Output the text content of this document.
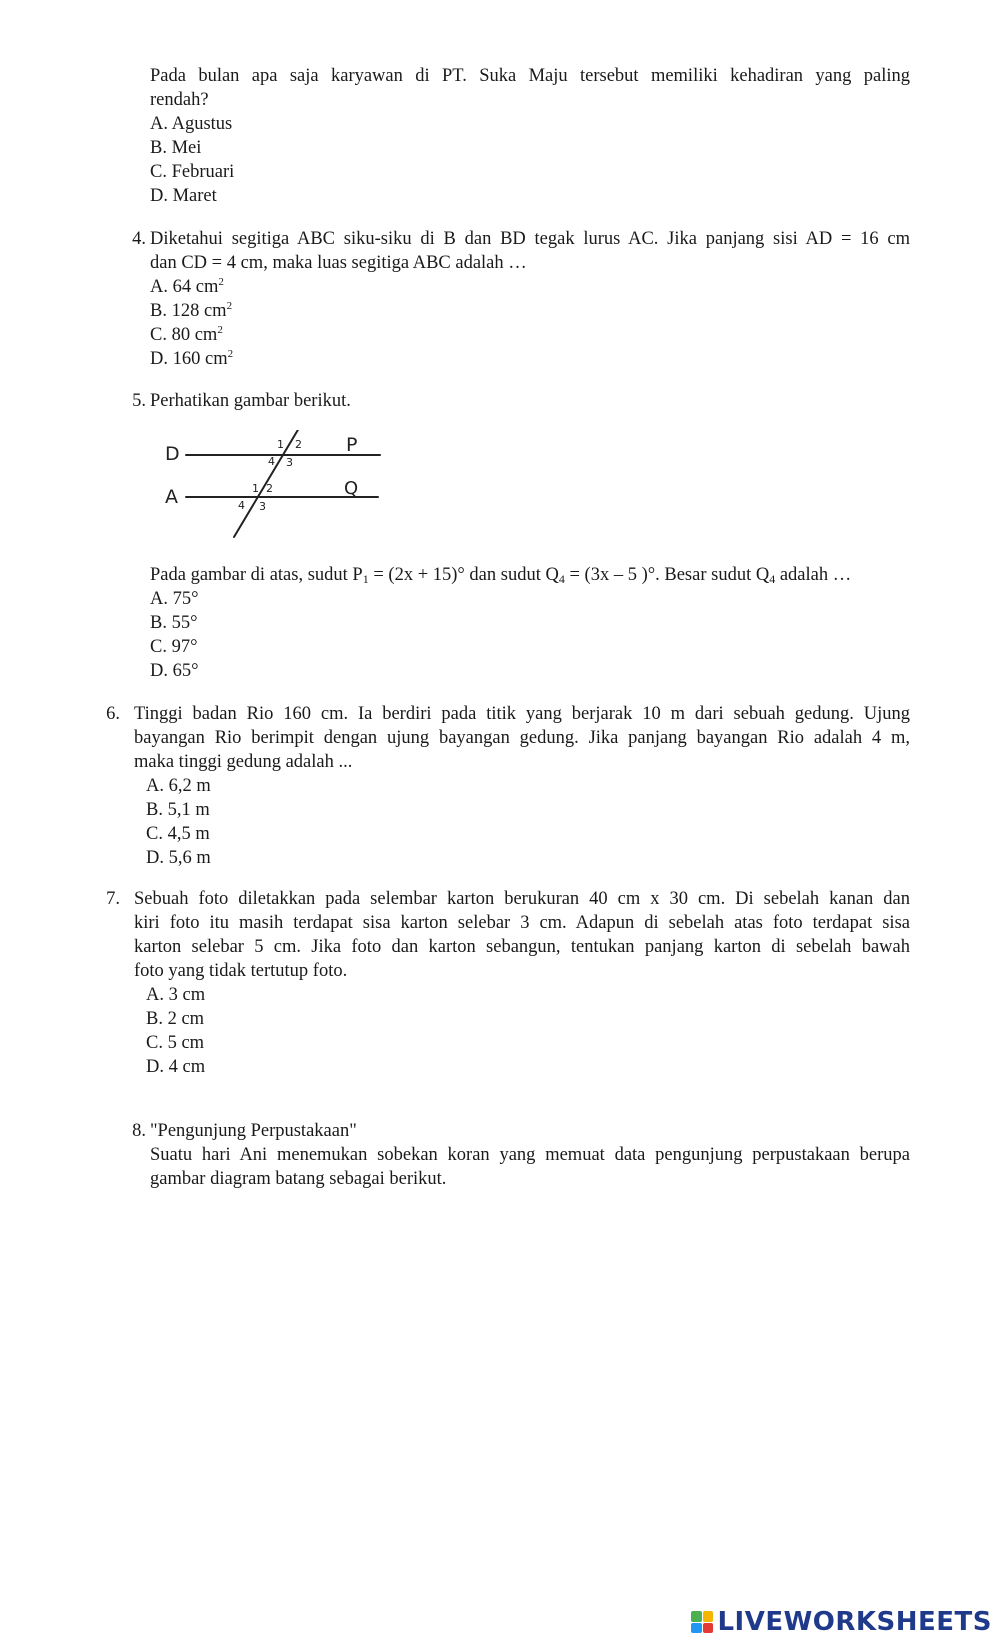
Pada bulan apa saja karyawan di PT. Suka Maju tersebut memiliki kehadiran yang paling
rendah?
A. Agustus
B. Mei
C. Februari
D. Maret
4. Diketahui segitiga ABC siku-siku di B dan BD tegak lurus AC. Jika panjang sisi AD = 16 cm
dan CD = 4 cm, maka luas segitiga ABC adalah …
A. 64 $cm^2$
B. 128 $cm^2$
C. 80 $cm^2$
D. 160 $cm^2$
5. Perhatikan gambar berikut.
D	P
A	Q
1 2
4 3
1 2
4 3
Pada gambar di atas, sudut $P_1 = (2x + 15)^\circ$ dan sudut $Q_4 = (3x - 5$ )°. Besar sudut $Q_4$ adalah …
A. 75°
B. 55°
C. 97°
D. 65°
6. Tinggi badan Rio 160 cm. Ia berdiri pada titik yang berjarak 10 m dari sebuah gedung. Ujung
bayangan Rio berimpit dengan ujung bayangan gedung. Jika panjang bayangan Rio adalah 4 m,
maka tinggi gedung adalah ...
A. 6,2 m
B. 5,1 m
C. 4,5 m
D. 5,6 m
7. Sebuah foto diletakkan pada selembar karton berukuran 40 cm x 30 cm. Di sebelah kanan dan
kiri foto itu masih terdapat sisa karton selebar 3 cm. Adapun di sebelah atas foto terdapat sisa
karton selebar 5 cm. Jika foto dan karton sebangun, tentukan panjang karton di sebelah bawah
foto yang tidak tertutup foto.
A. 3 cm
B. 2 cm
C. 5 cm
D. 4 cm
8. "Pengunjung Perpustakaan"
Suatu hari Ani menemukan sobekan koran yang memuat data pengunjung perpustakaan berupa
gambar diagram batang sebagai berikut.
LIVEWORKSHEETS
